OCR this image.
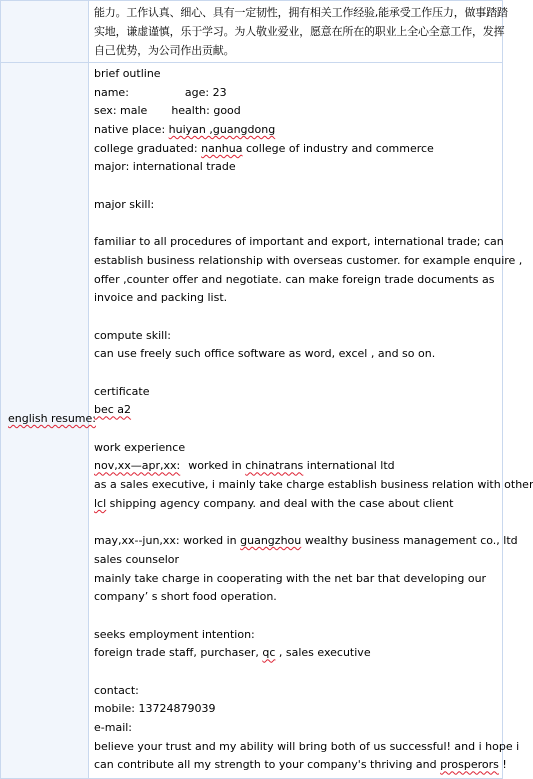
能力。工作认真、细心、具有一定韧性，拥有相关工作经验,能承受工作压力，做事踏踏
实地，谦虚谨慎，乐于学习。为人敬业爱业，愿意在所在的职业上全心全意工作，发挥
自己优势，为公司作出贡献。
english resume:
brief outline
name:	age: 23
sex: male health: good
native place: huiyan ,guangdong
college graduated: nanhua college of industry and commerce
major: international trade
major skill:
familiar to all procedures of important and export, international trade; can
establish business relationship with overseas customer. for example enquire ,
offer ,counter offer and negotiate. can make foreign trade documents as
invoice and packing list.
compute skill:
can use freely such office software as word, excel , and so on.
certificate
bec a2
work experience
nov,xx—apr,xx: worked in chinatrans international ltd
as a sales executive, i mainly take charge establish business relation with other
lcl shipping agency company. and deal with the case about client
may,xx--jun,xx: worked in guangzhou wealthy business management co., ltd
sales counselor
mainly take charge in cooperating with the net bar that developing our
company’ s short food operation.
seeks employment intention:
foreign trade staff, purchaser, qc , sales executive
contact:
mobile: 13724879039
e-mail:
believe your trust and my ability will bring both of us successful! and i hope i
can contribute all my strength to your company's thriving and prosperors !
